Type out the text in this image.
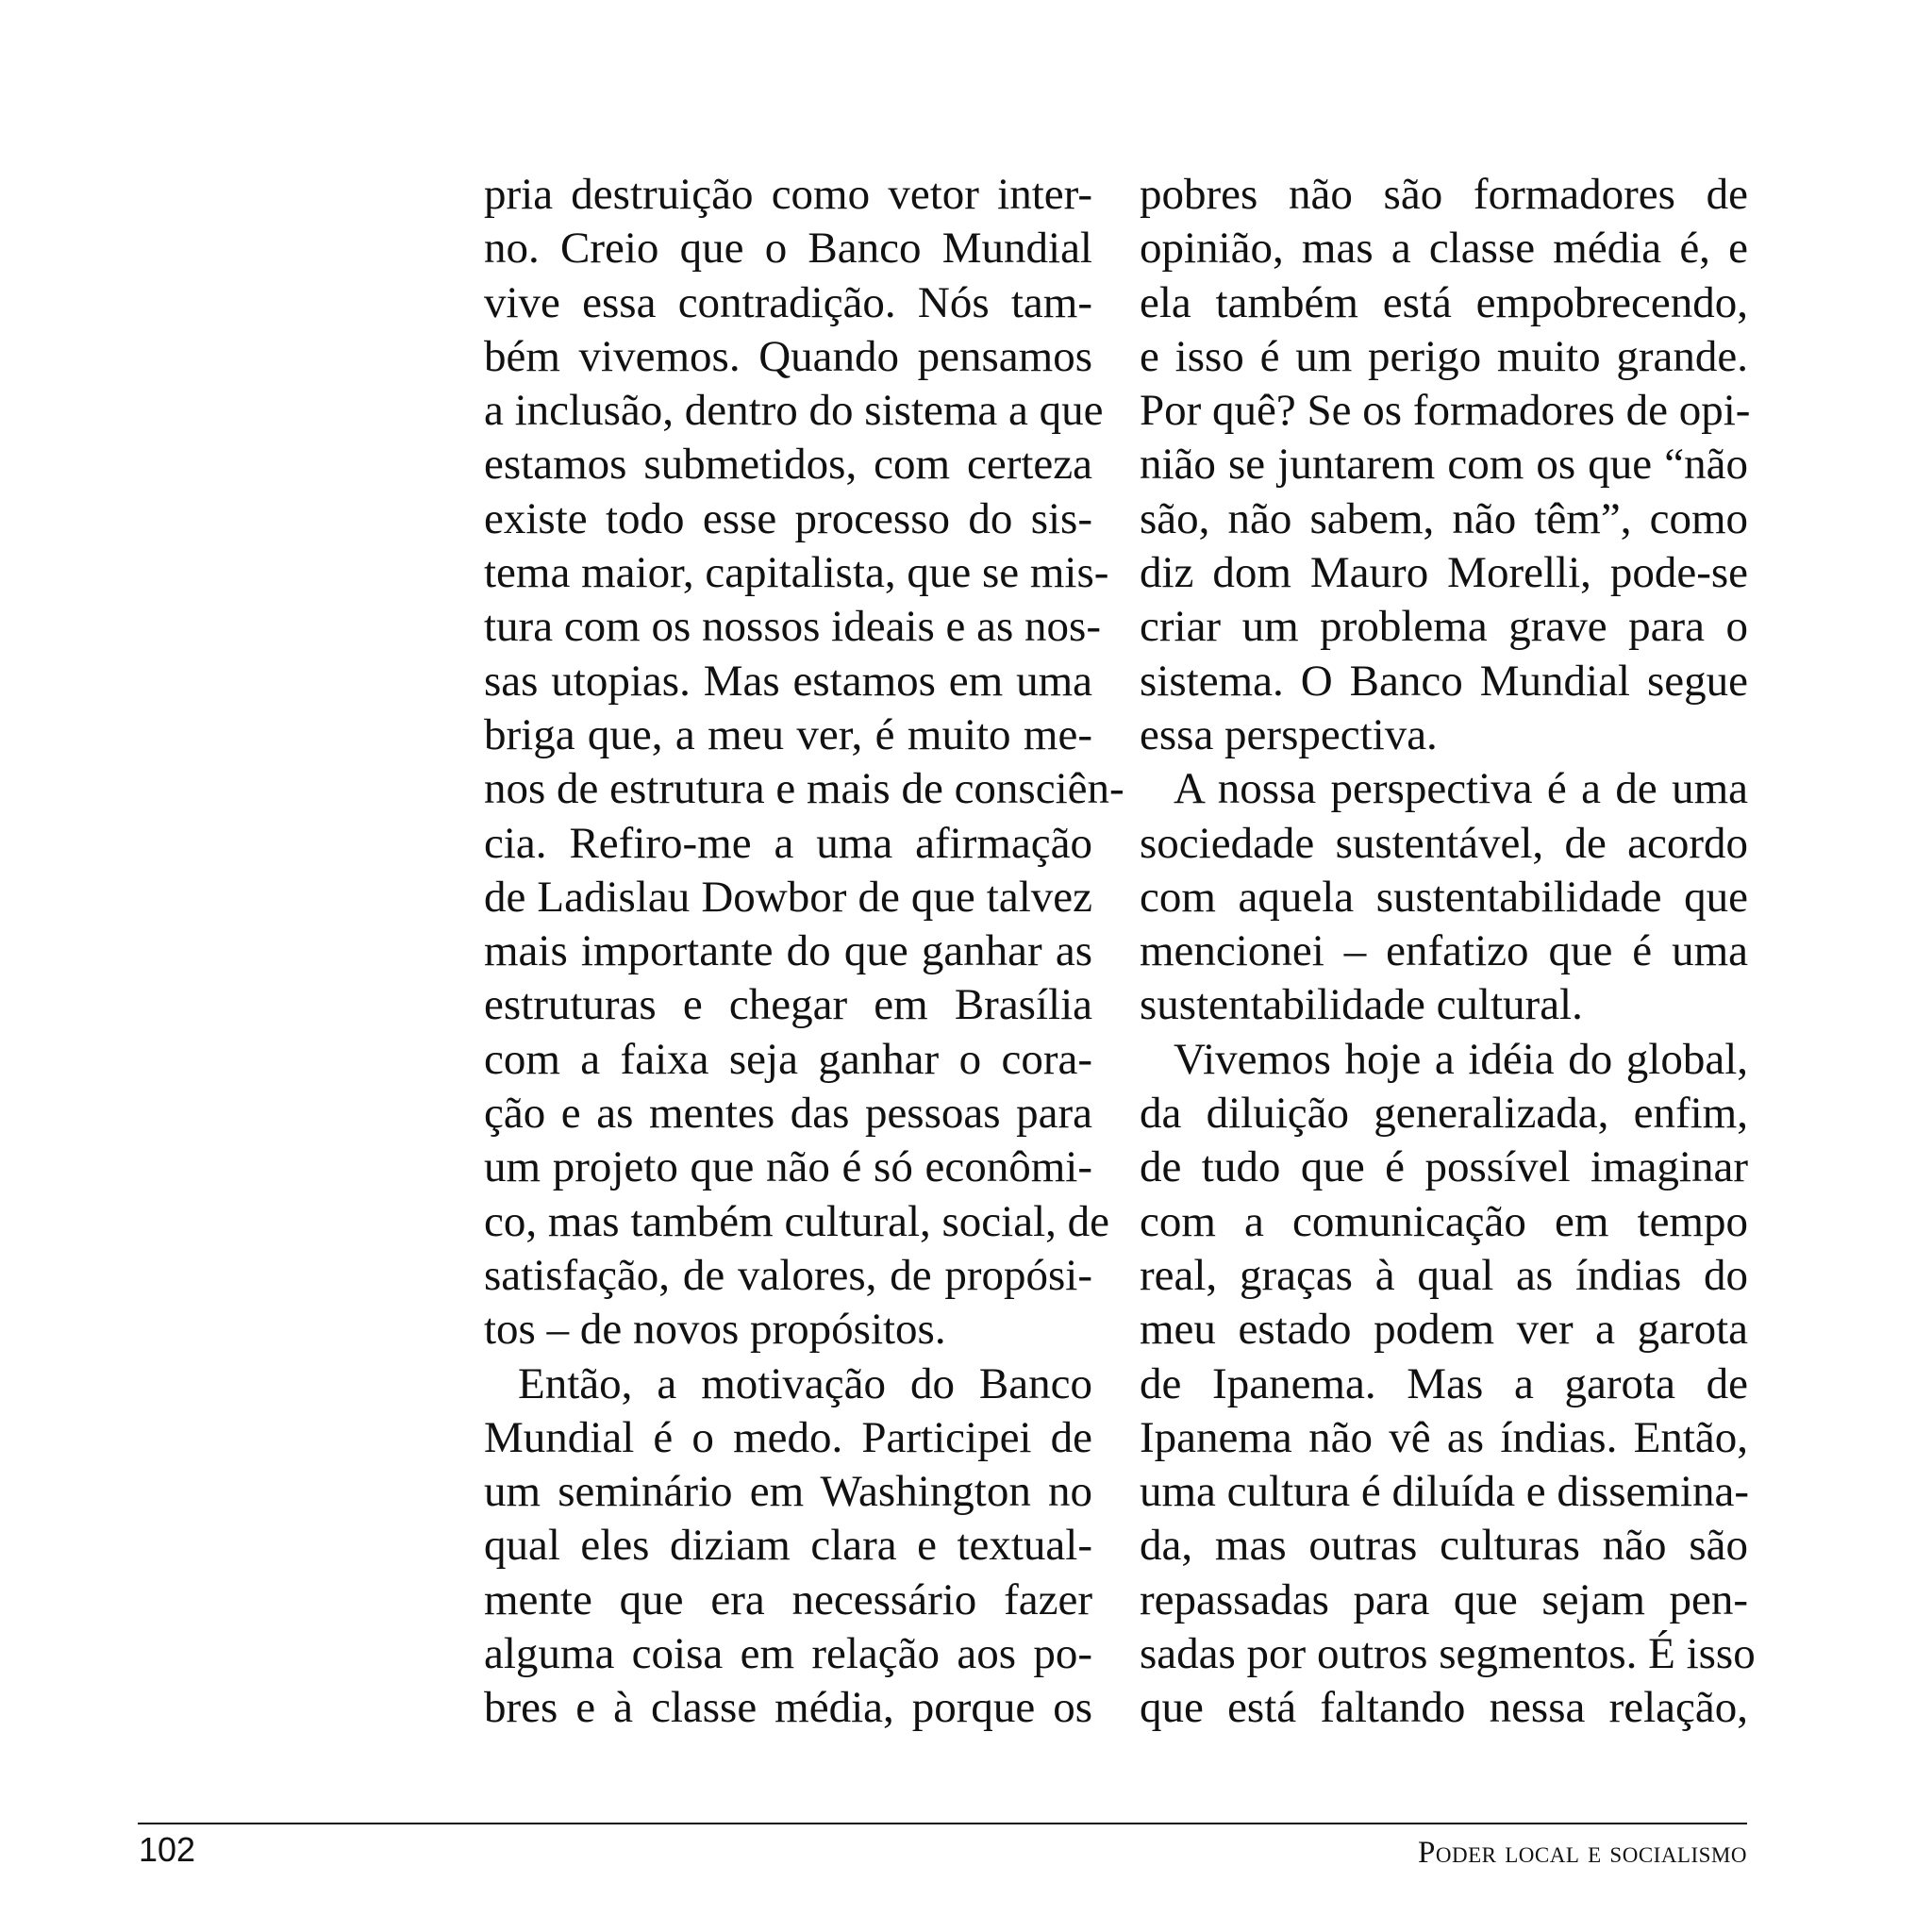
pria destruição como vetor inter-
no. Creio que o Banco Mundial
vive essa contradição. Nós tam-
bém vivemos. Quando pensamos
a inclusão, dentro do sistema a que
estamos submetidos, com certeza
existe todo esse processo do sis-
tema maior, capitalista, que se mis-
tura com os nossos ideais e as nos-
sas utopias. Mas estamos em uma
briga que, a meu ver, é muito me-
nos de estrutura e mais de consciên-
cia. Refiro-me a uma afirmação
de Ladislau Dowbor de que talvez
mais importante do que ganhar as
estruturas e chegar em Brasília
com a faixa seja ganhar o cora-
ção e as mentes das pessoas para
um projeto que não é só econômi-
co, mas também cultural, social, de
satisfação, de valores, de propósi-
tos – de novos propósitos.
Então, a motivação do Banco
Mundial é o medo. Participei de
um seminário em Washington no
qual eles diziam clara e textual-
mente que era necessário fazer
alguma coisa em relação aos po-
bres e à classe média, porque os
pobres não são formadores de
opinião, mas a classe média é, e
ela também está empobrecendo,
e isso é um perigo muito grande.
Por quê? Se os formadores de opi-
nião se juntarem com os que “não
são, não sabem, não têm”, como
diz dom Mauro Morelli, pode-se
criar um problema grave para o
sistema. O Banco Mundial segue
essa perspectiva.
A nossa perspectiva é a de uma
sociedade sustentável, de acordo
com aquela sustentabilidade que
mencionei – enfatizo que é uma
sustentabilidade cultural.
Vivemos hoje a idéia do global,
da diluição generalizada, enfim,
de tudo que é possível imaginar
com a comunicação em tempo
real, graças à qual as índias do
meu estado podem ver a garota
de Ipanema. Mas a garota de
Ipanema não vê as índias. Então,
uma cultura é diluída e dissemina-
da, mas outras culturas não são
repassadas para que sejam pen-
sadas por outros segmentos. É isso
que está faltando nessa relação,
102	Poder local e socialismo
